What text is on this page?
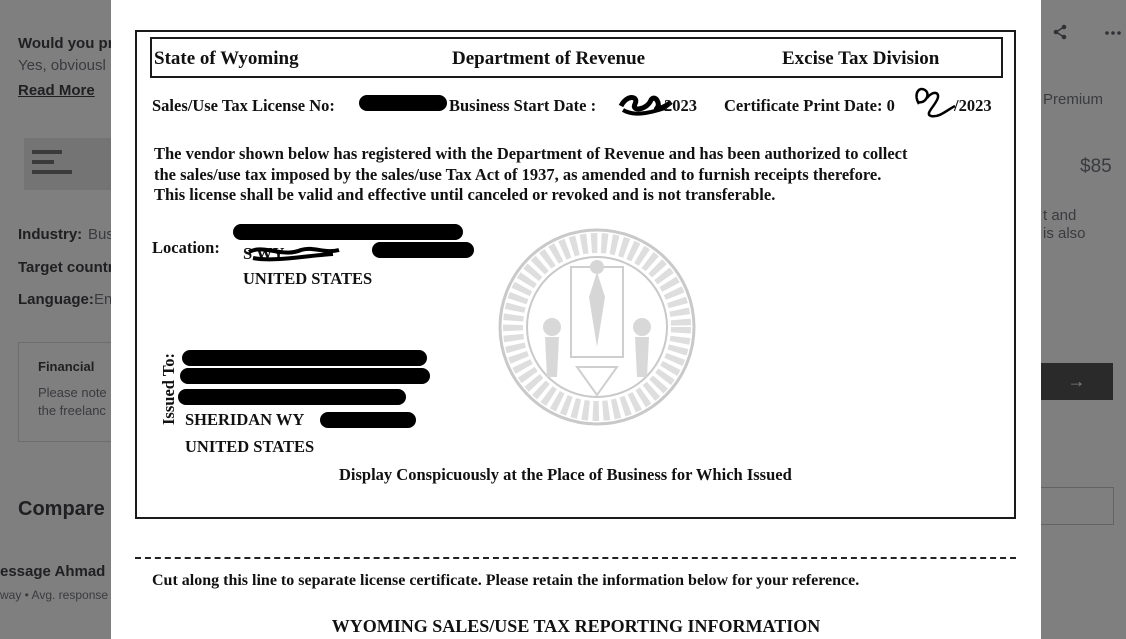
State of Wyoming	Department of Revenue	Excise Tax Division
Sales/Use Tax License No:	Business Start Date :	2023 Certificate Print Date: 0	/2023
The vendor shown below has registered with the Department of Revenue and has been authorized to collect
the sales/use tax imposed by the sales/use Tax Act of 1937, as amended and to furnish receipts therefore.
This license shall be valid and effective until canceled or revoked and is not transferable.
Location: S WY
UNITED STATES
Issued To: SHERIDAN WY
UNITED STATES
Display Conspicuously at the Place of Business for Which Issued
Cut along this line to separate license certificate. Please retain the information below for your reference.
WYOMING SALES/USE TAX REPORTING INFORMATION
